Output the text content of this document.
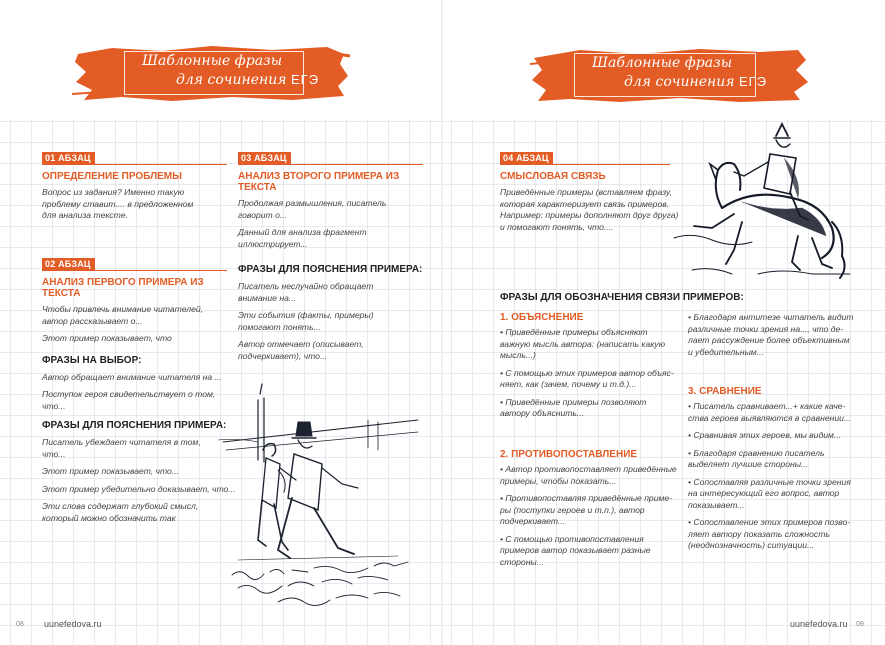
Шаблонные фразы
для сочинения ЕГЭ
Шаблонные фразы
для сочинения ЕГЭ
01 АБЗАЦ
ОПРЕДЕЛЕНИЕ ПРОБЛЕМЫ
Вопрос из задания? Именно такую
проблему ставит.... в предложенном
для анализа тексте.
02 АБЗАЦ
АНАЛИЗ ПЕРВОГО ПРИМЕРА ИЗ ТЕКСТА
Чтобы привлечь внимание читателей,
автор рассказывает о...
Этот пример показывает, что
ФРАЗЫ НА ВЫБОР:
Автор обращает внимание читателя на ...
Поступок героя свидетельствует о том,
что...
ФРАЗЫ ДЛЯ ПОЯСНЕНИЯ ПРИМЕРА:
Писатель убеждает читателя в том,
что...
Этот пример показывает, что...
Этот пример убедительно доказывает, что...
Эти слова содержат глубокий смысл,
который можно обозначить так
03 АБЗАЦ
АНАЛИЗ ВТОРОГО ПРИМЕРА ИЗ ТЕКСТА
Продолжая размышления, писатель
говорит о...
Данный для анализа фрагмент
иллюстрирует...
ФРАЗЫ ДЛЯ ПОЯСНЕНИЯ ПРИМЕРА:
Писатель неслучайно обращает
внимание на...
Эти события (факты, примеры)
помогают понять...
Автор отмечает (описывает,
подчеркивает), что...
04 АБЗАЦ
СМЫСЛОВАЯ СВЯЗЬ
Приведённые примеры (вставляем фразу,
которая характеризует связь примеров.
Например: примеры дополняют друг друга)
и помогают понять, что....
ФРАЗЫ ДЛЯ ОБОЗНАЧЕНИЯ СВЯЗИ ПРИМЕРОВ:
1. ОБЪЯСНЕНИЕ
• Приведённые примеры объясняют
важную мысль автора: (написать какую
мысль...)
• С помощью этих примеров автор объяс-
няет, как (зачем, почему и т.д.)...
• Приведённые примеры позволяют
автору объяснить...
2. ПРОТИВОПОСТАВЛЕНИЕ
• Автор противопоставляет приведённые
примеры, чтобы показать...
• Противопоставляя приведённые приме-
ры (поступки героев и т.п.), автор
подчеркивает...
• С помощью противопоставления
примеров автор показывает разные
стороны...
• Благодаря антитезе читатель видит
различные точки зрения на..., что де-
лает рассуждение более объективным
и убедительным...
3. СРАВНЕНИЕ
• Писатель сравнивает...+ какие каче-
ства героев выявляются в сравнении...
• Сравнивая этих героев, мы видим...
• Благодаря сравнению писатель
выделяет лучшие стороны...
• Сопоставляя различные точки зрения
на интересующий его вопрос, автор
показывает...
• Сопоставление этих примеров позво-
ляет автору показать сложность
(неоднозначность) ситуации...
08 uunefedova.ru	uunefedova.ru 09
